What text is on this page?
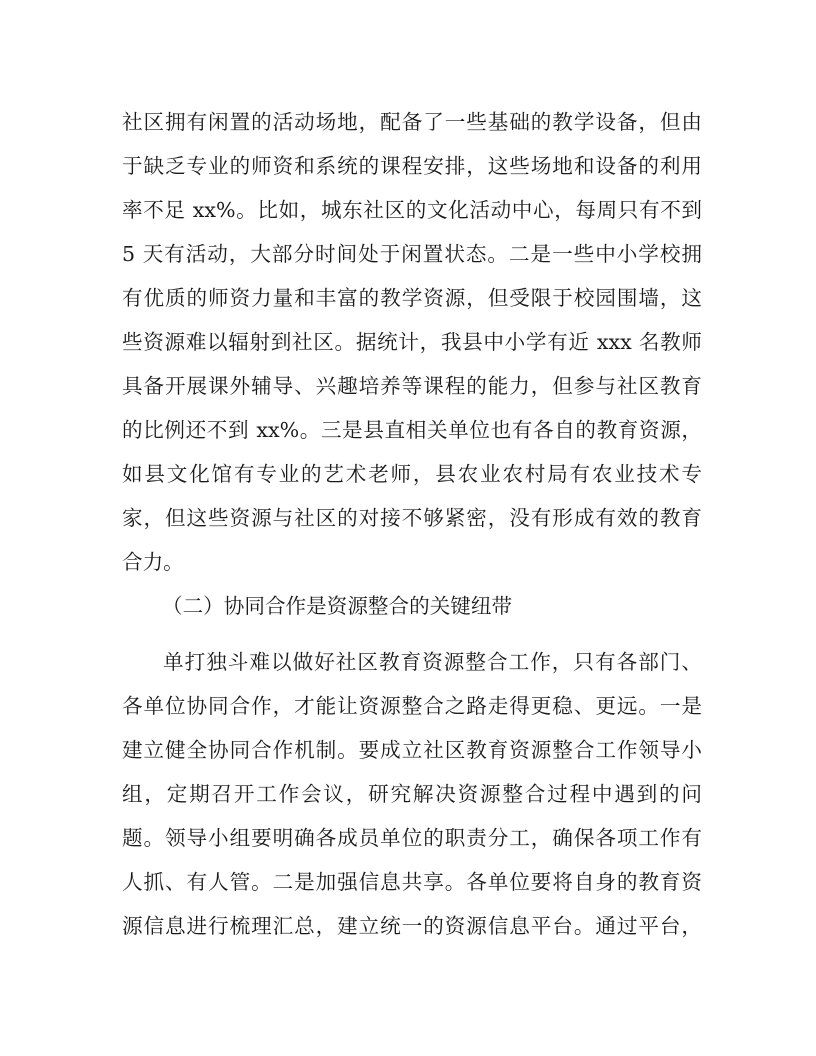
社区拥有闲置的活动场地，配备了一些基础的教学设备，但由
于缺乏专业的师资和系统的课程安排，这些场地和设备的利用
率不足 xx%。比如，城东社区的文化活动中心，每周只有不到
5 天有活动，大部分时间处于闲置状态。二是一些中小学校拥
有优质的师资力量和丰富的教学资源，但受限于校园围墙，这
些资源难以辐射到社区。据统计，我县中小学有近 xxx 名教师
具备开展课外辅导、兴趣培养等课程的能力，但参与社区教育
的比例还不到 xx%。三是县直相关单位也有各自的教育资源，
如县文化馆有专业的艺术老师，县农业农村局有农业技术专
家，但这些资源与社区的对接不够紧密，没有形成有效的教育
合力。
（二）协同合作是资源整合的关键纽带
单打独斗难以做好社区教育资源整合工作，只有各部门、
各单位协同合作，才能让资源整合之路走得更稳、更远。一是
建立健全协同合作机制。要成立社区教育资源整合工作领导小
组，定期召开工作会议，研究解决资源整合过程中遇到的问
题。领导小组要明确各成员单位的职责分工，确保各项工作有
人抓、有人管。二是加强信息共享。各单位要将自身的教育资
源信息进行梳理汇总，建立统一的资源信息平台。通过平台，
